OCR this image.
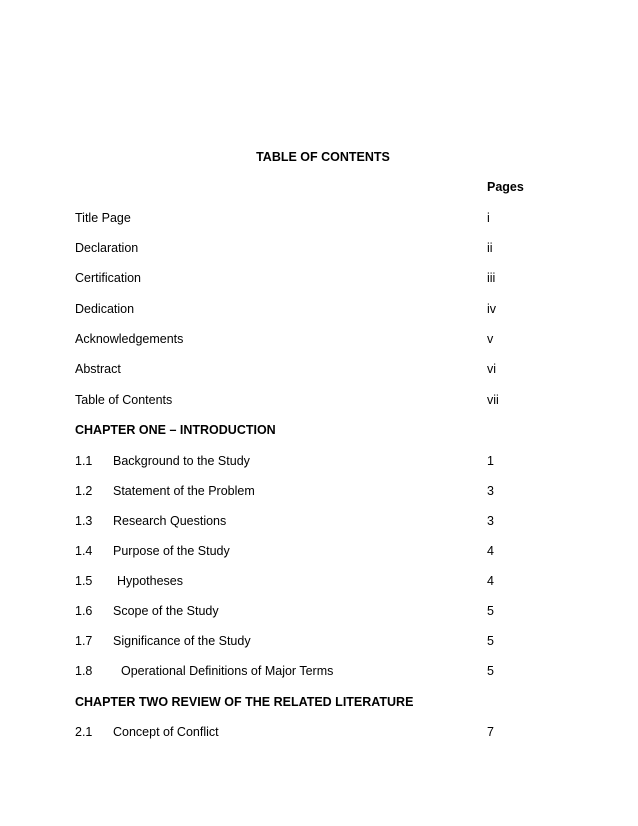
TABLE OF CONTENTS
Pages
Title Page	i
Declaration	ii
Certification	iii
Dedication	iv
Acknowledgements	v
Abstract	vi
Table of Contents	vii
CHAPTER ONE – INTRODUCTION
1.1 Background to the Study	1
1.2 Statement of the Problem	3
1.3 Research Questions	3
1.4 Purpose of the Study	4
1.5 Hypotheses	4
1.6 Scope of the Study	5
1.7 Significance of the Study	5
1.8 Operational Definitions of Major Terms	5
CHAPTER TWO REVIEW OF THE RELATED LITERATURE
2.1 Concept of Conflict	7
